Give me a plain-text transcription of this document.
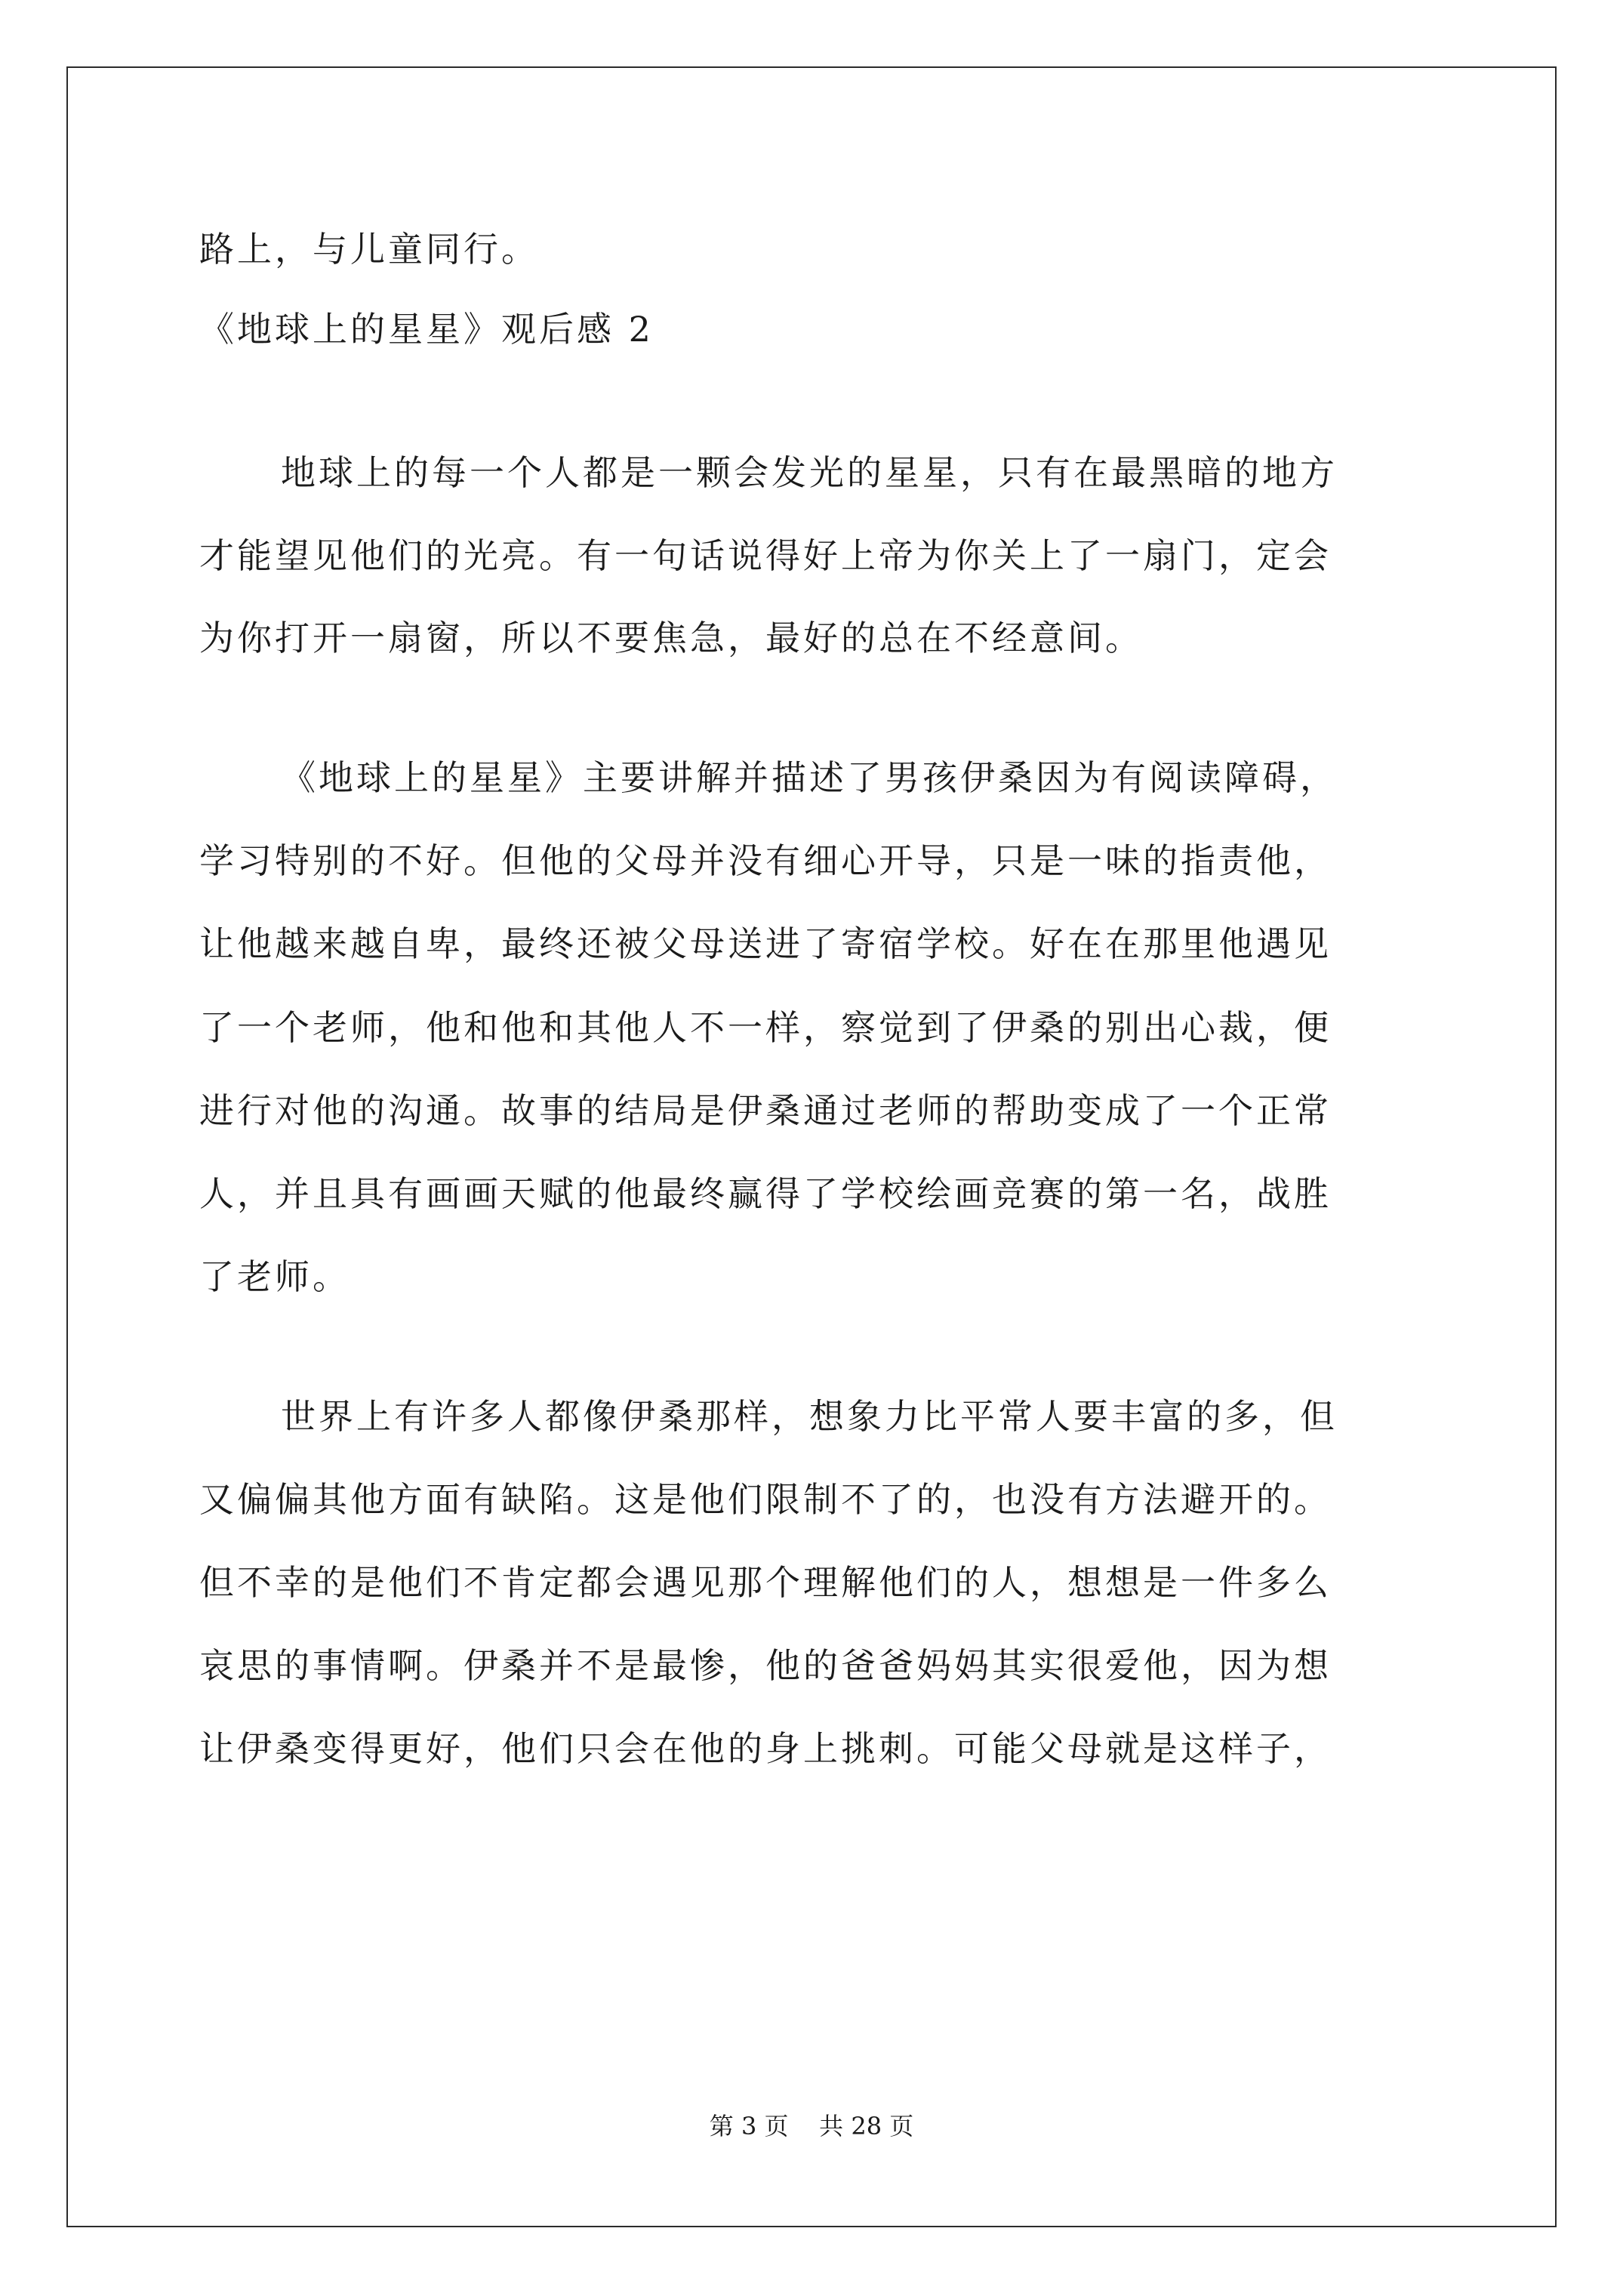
路上，与儿童同行。
《地球上的星星》观后感 2
地球上的每一个人都是一颗会发光的星星，只有在最黑暗的地方
才能望见他们的光亮。有一句话说得好上帝为你关上了一扇门，定会
为你打开一扇窗，所以不要焦急，最好的总在不经意间。
《地球上的星星》主要讲解并描述了男孩伊桑因为有阅读障碍，
学习特别的不好。但他的父母并没有细心开导，只是一味的指责他，
让他越来越自卑，最终还被父母送进了寄宿学校。好在在那里他遇见
了一个老师，他和他和其他人不一样，察觉到了伊桑的别出心裁，便
进行对他的沟通。故事的结局是伊桑通过老师的帮助变成了一个正常
人，并且具有画画天赋的他最终赢得了学校绘画竞赛的第一名，战胜
了老师。
世界上有许多人都像伊桑那样，想象力比平常人要丰富的多，但
又偏偏其他方面有缺陷。这是他们限制不了的，也没有方法避开的。
但不幸的是他们不肯定都会遇见那个理解他们的人，想想是一件多么
哀思的事情啊。伊桑并不是最惨，他的爸爸妈妈其实很爱他，因为想
让伊桑变得更好，他们只会在他的身上挑刺。可能父母就是这样子，
第 3 页    共 28 页
